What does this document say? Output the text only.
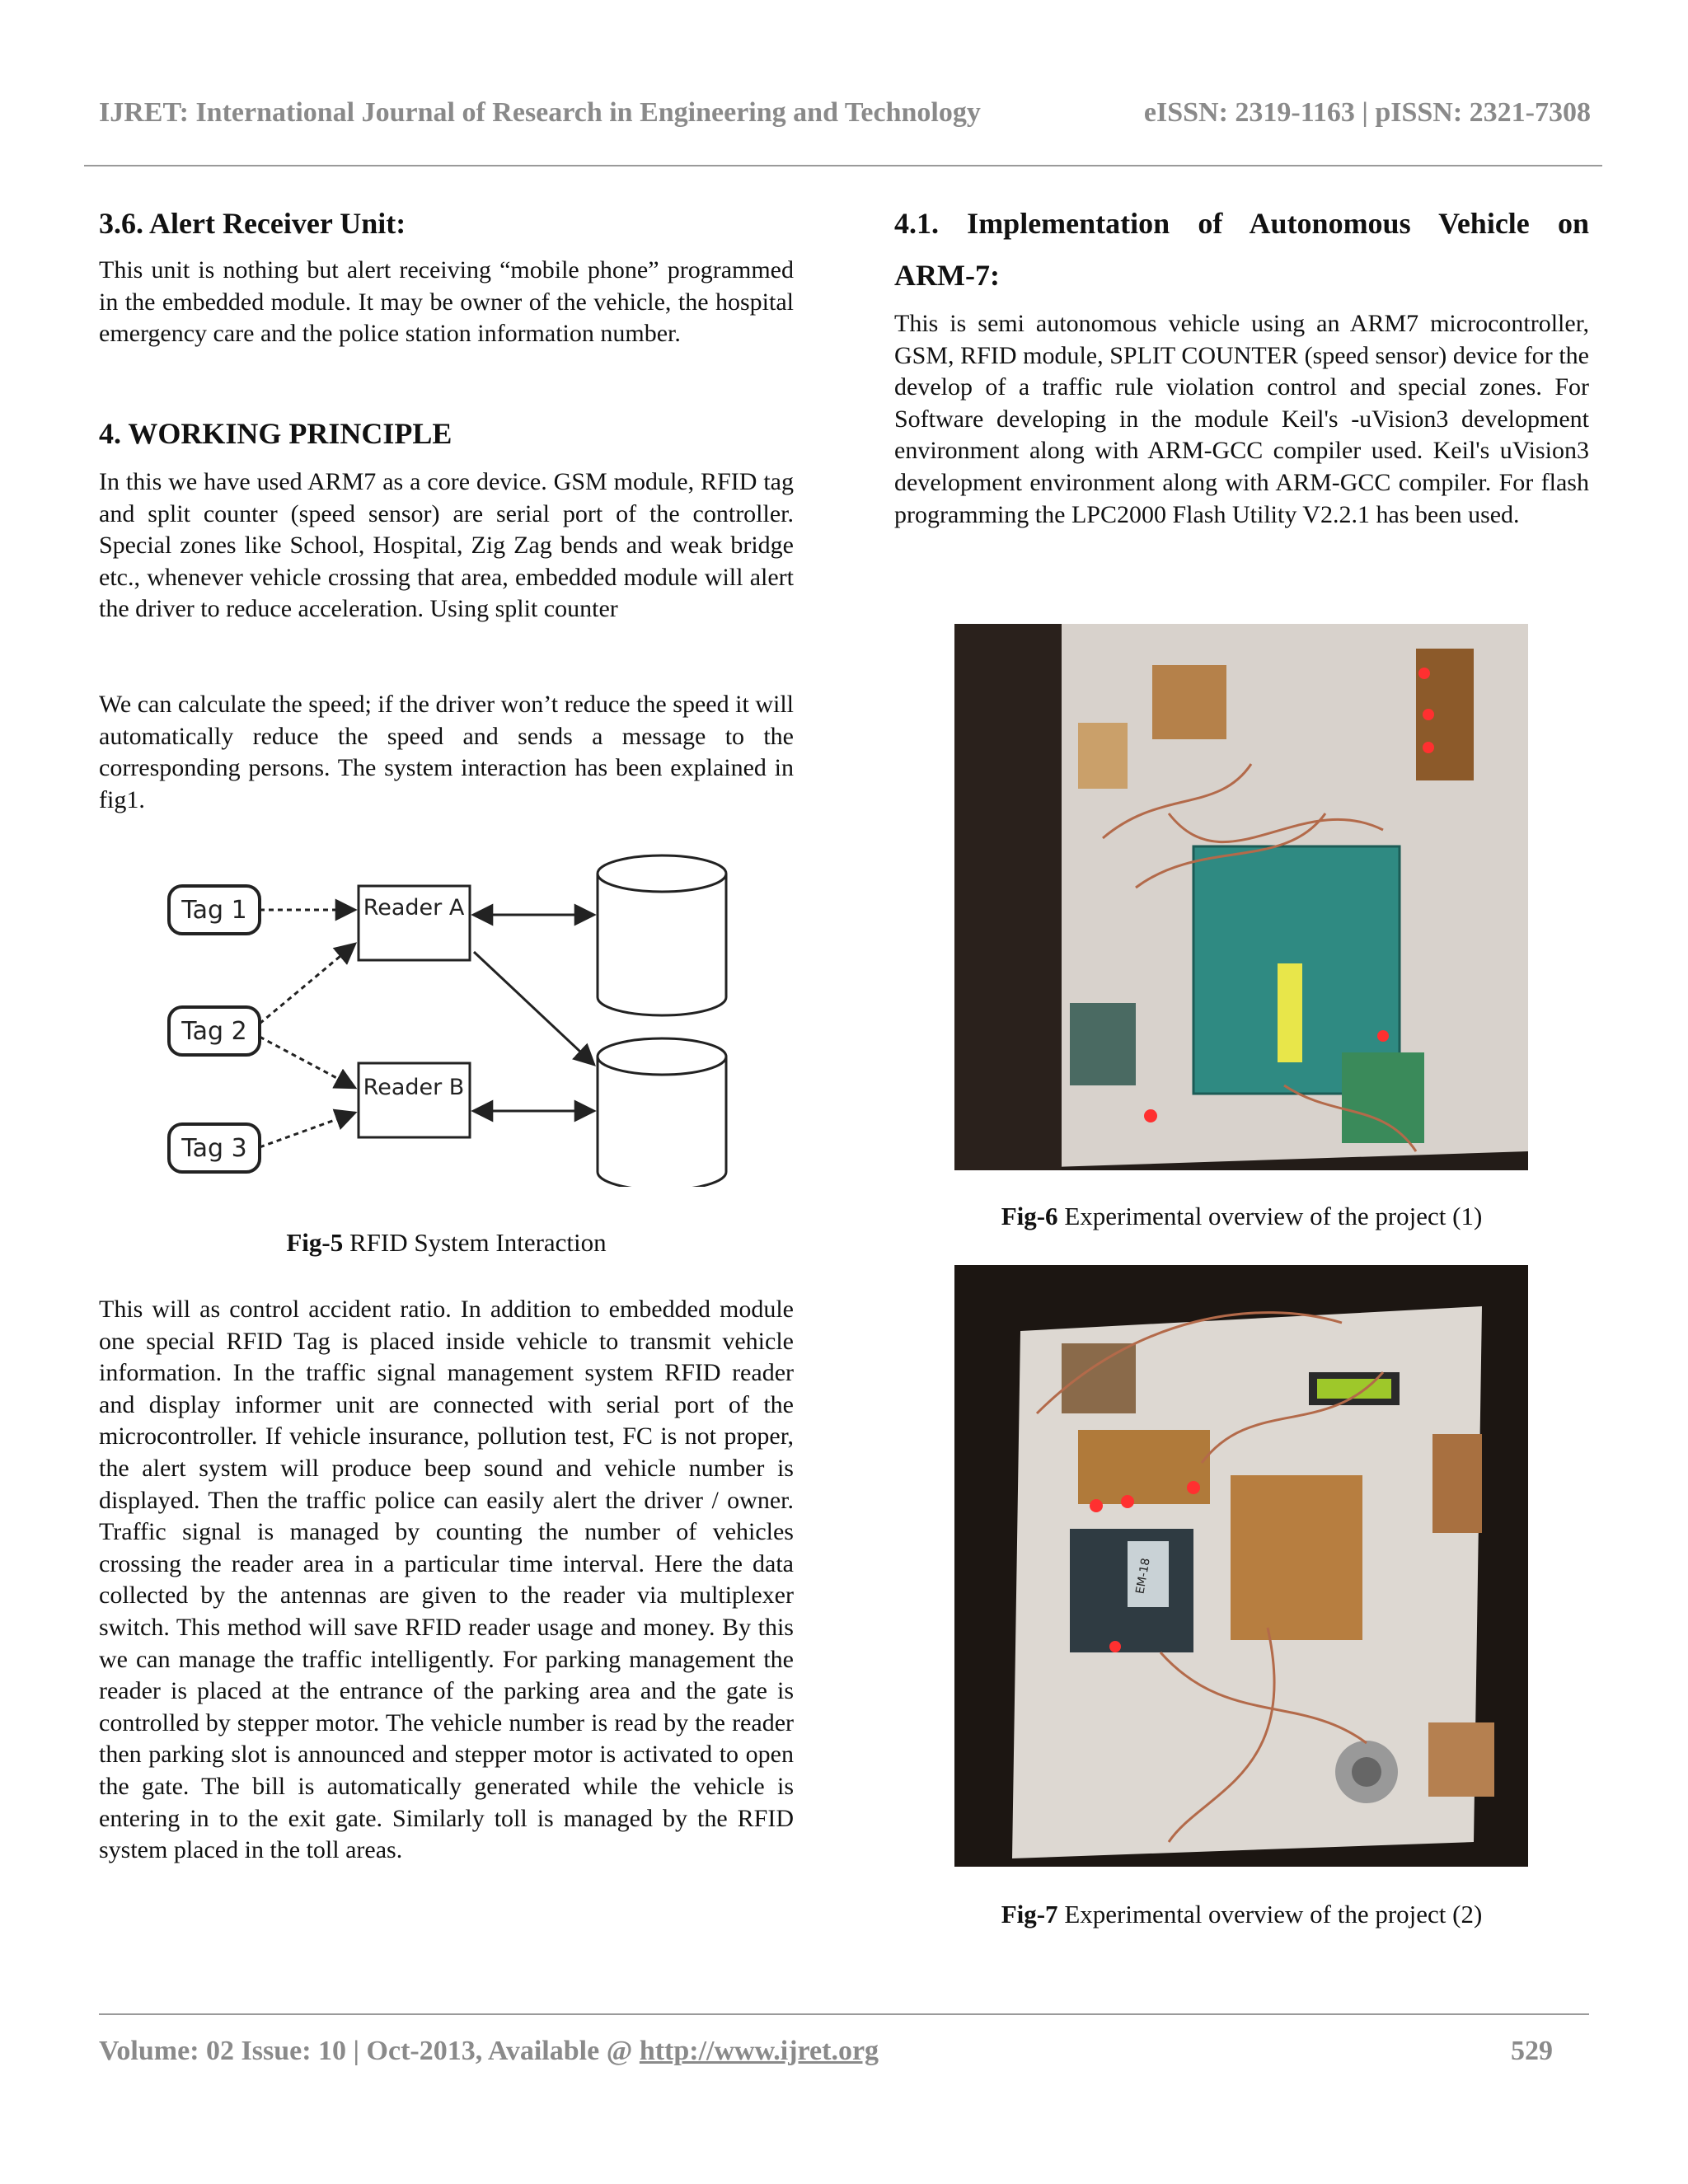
IJRET: International Journal of Research in Engineering and Technology	eISSN: 2319-1163 | pISSN: 2321-7308
3.6. Alert Receiver Unit:

This unit is nothing but alert receiving “mobile phone” programmed in the embedded module. It may be owner of the vehicle, the hospital emergency care and the police station information number.

4. WORKING PRINCIPLE

In this we have used ARM7 as a core device. GSM module, RFID tag and split counter (speed sensor) are serial port of the controller. Special zones like School, Hospital, Zig Zag bends and weak bridge etc., whenever vehicle crossing that area, embedded module will alert the driver to reduce acceleration. Using split counter

We can calculate the speed; if the driver won’t reduce the speed it will automatically reduce the speed and sends a message to the corresponding persons. The system interaction has been explained in fig1.

Tag 1
Tag 2
Tag 3
Reader A
Reader B
Fig-5 RFID System Interaction

This will as control accident ratio. In addition to embedded module one special RFID Tag is placed inside vehicle to transmit vehicle information. In the traffic signal management system RFID reader and display informer unit are connected with serial port of the microcontroller. If vehicle insurance, pollution test, FC is not proper, the alert system will produce beep sound and vehicle number is displayed. Then the traffic police can easily alert the driver / owner. Traffic signal is managed by counting the number of vehicles crossing the reader area in a particular time interval. Here the data collected by the antennas are given to the reader via multiplexer switch. This method will save RFID reader usage and money. By this we can manage the traffic intelligently. For parking management the reader is placed at the entrance of the parking area and the gate is controlled by stepper motor. The vehicle number is read by the reader then parking slot is announced and stepper motor is activated to open the gate. The bill is automatically generated while the vehicle is entering in to the exit gate. Similarly toll is managed by the RFID system placed in the toll areas.

4.1. Implementation of Autonomous Vehicle on
ARM-7:

This is semi autonomous vehicle using an ARM7 microcontroller, GSM, RFID module, SPLIT COUNTER (speed sensor) device for the develop of a traffic rule violation control and special zones. For Software developing in the module Keil's -uVision3 development environment along with ARM-GCC compiler used. Keil's uVision3 development environment along with ARM-GCC compiler. For flash programming the LPC2000 Flash Utility V2.2.1 has been used.

Fig-6 Experimental overview of the project (1)
EM-18
Fig-7 Experimental overview of the project (2)
Volume: 02 Issue: 10 | Oct-2013, Available @ http://www.ijret.org	529
